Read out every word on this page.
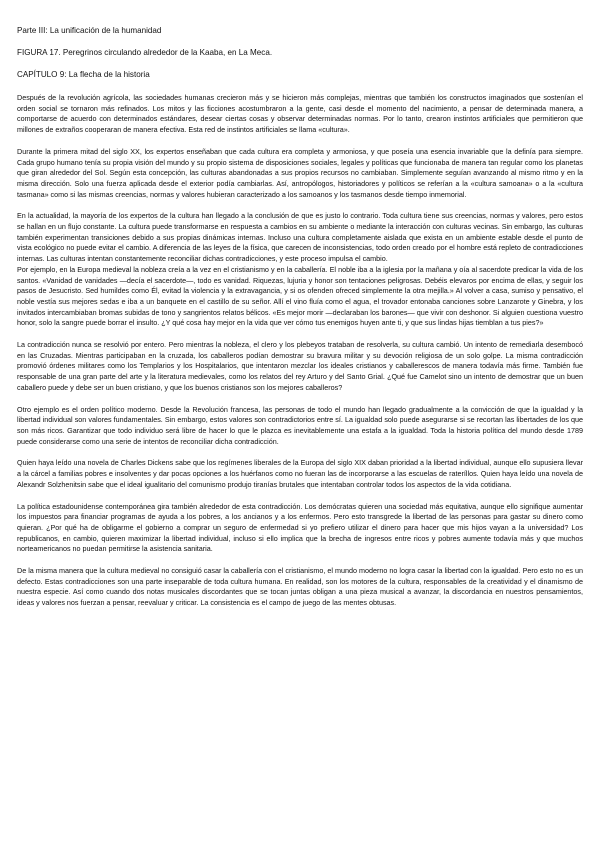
Parte III: La unificación de la humanidad
FIGURA 17. Peregrinos circulando alrededor de la Kaaba, en La Meca.
CAPÍTULO 9: La flecha de la historia

Después de la revolución agrícola, las sociedades humanas crecieron más y se hicieron más complejas, mientras que también los constructos imaginados que sostenían el orden social se tornaron más refinados. Los mitos y las ficciones acostumbraron a la gente, casi desde el momento del nacimiento, a pensar de determinada manera, a comportarse de acuerdo con determinados estándares, desear ciertas cosas y observar determinadas normas. Por lo tanto, crearon instintos artificiales que permitieron que millones de extraños cooperaran de manera efectiva. Esta red de instintos artificiales se llama «cultura».

Durante la primera mitad del siglo XX, los expertos enseñaban que cada cultura era completa y armoniosa, y que poseía una esencia invariable que la definía para siempre. Cada grupo humano tenía su propia visión del mundo y su propio sistema de disposiciones sociales, legales y políticas que funcionaba de manera tan regular como los planetas que giran alrededor del Sol. Según esta concepción, las culturas abandonadas a sus propios recursos no cambiaban. Simplemente seguían avanzando al mismo ritmo y en la misma dirección. Solo una fuerza aplicada desde el exterior podía cambiarlas. Así, antropólogos, historiadores y políticos se referían a la «cultura samoana» o a la «cultura tasmana» como si las mismas creencias, normas y valores hubieran caracterizado a los samoanos y los tasmanos desde tiempo inmemorial.

En la actualidad, la mayoría de los expertos de la cultura han llegado a la conclusión de que es justo lo contrario. Toda cultura tiene sus creencias, normas y valores, pero estos se hallan en un flujo constante. La cultura puede transformarse en respuesta a cambios en su ambiente o mediante la interacción con culturas vecinas. Sin embargo, las culturas también experimentan transiciones debido a sus propias dinámicas internas. Incluso una cultura completamente aislada que exista en un ambiente estable desde el punto de vista ecológico no puede evitar el cambio. A diferencia de las leyes de la física, que carecen de inconsistencias, todo orden creado por el hombre está repleto de contradicciones internas. Las culturas intentan constantemente reconciliar dichas contradicciones, y este proceso impulsa el cambio.

Por ejemplo, en la Europa medieval la nobleza creía a la vez en el cristianismo y en la caballería. El noble iba a la iglesia por la mañana y oía al sacerdote predicar la vida de los santos. «Vanidad de vanidades —decía el sacerdote—, todo es vanidad. Riquezas, lujuria y honor son tentaciones peligrosas. Debéis elevaros por encima de ellas, y seguir los pasos de Jesucristo. Sed humildes como Él, evitad la violencia y la extravagancia, y si os ofenden ofreced simplemente la otra mejilla.» Al volver a casa, sumiso y pensativo, el noble vestía sus mejores sedas e iba a un banquete en el castillo de su señor. Allí el vino fluía como el agua, el trovador entonaba canciones sobre Lanzarote y Ginebra, y los invitados intercambiaban bromas subidas de tono y sangrientos relatos bélicos. «Es mejor morir —declaraban los barones— que vivir con deshonor. Si alguien cuestiona vuestro honor, solo la sangre puede borrar el insulto. ¿Y qué cosa hay mejor en la vida que ver cómo tus enemigos huyen ante ti, y que sus lindas hijas tiemblan a tus pies?»

La contradicción nunca se resolvió por entero. Pero mientras la nobleza, el clero y los plebeyos trataban de resolverla, su cultura cambió. Un intento de remediarla desembocó en las Cruzadas. Mientras participaban en la cruzada, los caballeros podían demostrar su bravura militar y su devoción religiosa de un solo golpe. La misma contradicción promovió órdenes militares como los Templarios y los Hospitalarios, que intentaron mezclar los ideales cristianos y caballerescos de manera todavía más firme. También fue responsable de una gran parte del arte y la literatura medievales, como los relatos del rey Arturo y del Santo Grial. ¿Qué fue Camelot sino un intento de demostrar que un buen caballero puede y debe ser un buen cristiano, y que los buenos cristianos son los mejores caballeros?

Otro ejemplo es el orden político moderno. Desde la Revolución francesa, las personas de todo el mundo han llegado gradualmente a la convicción de que la igualdad y la libertad individual son valores fundamentales. Sin embargo, estos valores son contradictorios entre sí. La igualdad solo puede asegurarse si se recortan las libertades de los que son más ricos. Garantizar que todo individuo será libre de hacer lo que le plazca es inevitablemente una estafa a la igualdad. Toda la historia política del mundo desde 1789 puede considerarse como una serie de intentos de reconciliar dicha contradicción.

Quien haya leído una novela de Charles Dickens sabe que los regímenes liberales de la Europa del siglo XIX daban prioridad a la libertad individual, aunque ello supusiera llevar a la cárcel a familias pobres e insolventes y dar pocas opciones a los huérfanos como no fueran las de incorporarse a las escuelas de rateríllos. Quien haya leído una novela de Alexandr Solzhenitsin sabe que el ideal igualitario del comunismo produjo tiranías brutales que intentaban controlar todos los aspectos de la vida cotidiana.

La política estadounidense contemporánea gira también alrededor de esta contradicción. Los demócratas quieren una sociedad más equitativa, aunque ello signifique aumentar los impuestos para financiar programas de ayuda a los pobres, a los ancianos y a los enfermos. Pero esto transgrede la libertad de las personas para gastar su dinero como quieran. ¿Por qué ha de obligarme el gobierno a comprar un seguro de enfermedad si yo prefiero utilizar el dinero para hacer que mis hijos vayan a la universidad? Los republicanos, en cambio, quieren maximizar la libertad individual, incluso si ello implica que la brecha de ingresos entre ricos y pobres aumente todavía más y que muchos norteamericanos no puedan permitirse la asistencia sanitaria.

De la misma manera que la cultura medieval no consiguió casar la caballería con el cristianismo, el mundo moderno no logra casar la libertad con la igualdad. Pero esto no es un defecto. Estas contradicciones son una parte inseparable de toda cultura humana. En realidad, son los motores de la cultura, responsables de la creatividad y el dinamismo de nuestra especie. Así como cuando dos notas musicales discordantes que se tocan juntas obligan a una pieza musical a avanzar, la discordancia en nuestros pensamientos, ideas y valores nos fuerzan a pensar, reevaluar y criticar. La consistencia es el campo de juego de las mentes obtusas.
